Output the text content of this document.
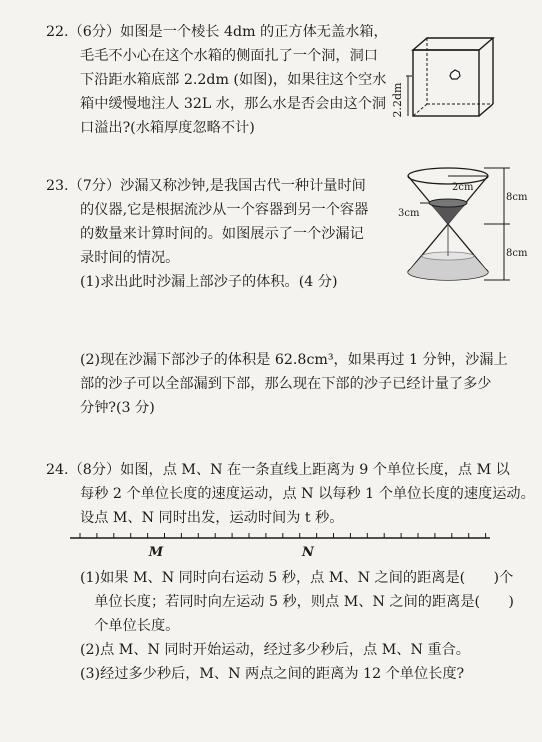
22.（6分）如图是一个棱长 4dm 的正方体无盖水箱，
毛毛不小心在这个水箱的侧面扎了一个洞，洞口
下沿距水箱底部 2.2dm (如图)，如果往这个空水
箱中缓慢地注人 32L 水，那么水是否会由这个洞
口溢出?(水箱厚度忽略不计)
2.2dm
23.（7分）沙漏又称沙钟,是我国古代一种计量时间
的仪器,它是根据流沙从一个容器到另一个容器
的数量来计算时间的。如图展示了一个沙漏记
录时间的情况。
(1)求出此时沙漏上部沙子的体积。(4 分)
2cm
3cm
8cm
8cm
(2)现在沙漏下部沙子的体积是 62.8cm³，如果再过 1 分钟，沙漏上
部的沙子可以全部漏到下部，那么现在下部的沙子已经计量了多少
分钟?(3 分)
24.（8分）如图，点 M、N 在一条直线上距离为 9 个单位长度，点 M 以
每秒 2 个单位长度的速度运动，点 N 以每秒 1 个单位长度的速度运动。
设点 M、N 同时出发，运动时间为 t 秒。
M	N
(1)如果 M、N 同时向右运动 5 秒，点 M、N 之间的距离是(　　)个
　单位长度；若同时向左运动 5 秒，则点 M、N 之间的距离是(　　)
　个单位长度。
(2)点 M、N 同时开始运动，经过多少秒后，点 M、N 重合。
(3)经过多少秒后，M、N 两点之间的距离为 12 个单位长度?
